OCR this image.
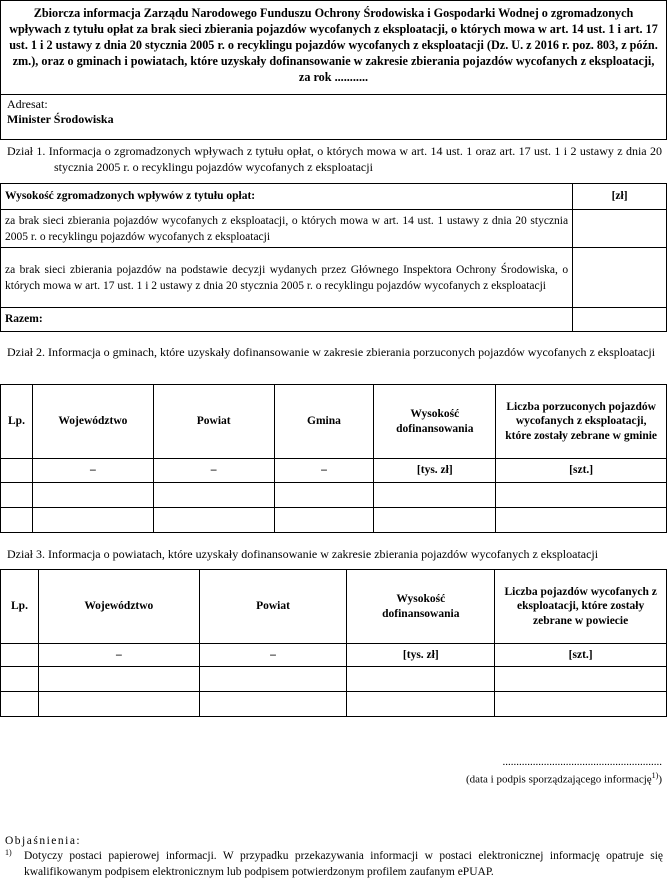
Zbiorcza informacja Zarządu Narodowego Funduszu Ochrony Środowiska i Gospodarki Wodnej o zgromadzonych wpływach z tytułu opłat za brak sieci zbierania pojazdów wycofanych z eksploatacji, o których mowa w art. 14 ust. 1 i art. 17 ust. 1 i 2 ustawy z dnia 20 stycznia 2005 r. o recyklingu pojazdów wycofanych z eksploatacji (Dz. U. z 2016 r. poz. 803, z późn. zm.), oraz o gminach i powiatach, które uzyskały dofinansowanie w zakresie zbierania pojazdów wycofanych z eksploatacji, za rok ...........
Adresat:
Minister Środowiska
Dział 1. Informacja o zgromadzonych wpływach z tytułu opłat, o których mowa w art. 14 ust. 1 oraz art. 17 ust. 1 i 2 ustawy z dnia 20 stycznia 2005 r. o recyklingu pojazdów wycofanych z eksploatacji
Wysokość zgromadzonych wpływów z tytułu opłat:	[zł]
za brak sieci zbierania pojazdów wycofanych z eksploatacji, o których mowa w art. 14 ust. 1 ustawy z dnia 20 stycznia 2005 r. o recyklingu pojazdów wycofanych z eksploatacji	
za brak sieci zbierania pojazdów na podstawie decyzji wydanych przez Głównego Inspektora Ochrony Środowiska, o których mowa w art. 17 ust. 1 i 2 ustawy z dnia 20 stycznia 2005 r. o recyklingu pojazdów wycofanych z eksploatacji	
Razem:	
Dział 2. Informacja o gminach, które uzyskały dofinansowanie w zakresie zbierania porzuconych pojazdów wycofanych z eksploatacji
Lp.	Województwo	Powiat	Gmina	Wysokość dofinansowania	Liczba porzuconych pojazdów wycofanych z eksploatacji, które zostały zebrane w gminie
	–	–	–	[tys. zł]	[szt.]

Dział 3. Informacja o powiatach, które uzyskały dofinansowanie w zakresie zbierania pojazdów wycofanych z eksploatacji
Lp.	Województwo	Powiat	Wysokość dofinansowania	Liczba pojazdów wycofanych z eksploatacji, które zostały zebrane w powiecie
	–	–	[tys. zł]	[szt.]

..........................................................
(data i podpis sporządzającego informację$^{1)}$)
Objaśnienia:
1) Dotyczy postaci papierowej informacji. W przypadku przekazywania informacji w postaci elektronicznej informację opatruje się kwalifikowanym podpisem elektronicznym lub podpisem potwierdzonym profilem zaufanym ePUAP.
